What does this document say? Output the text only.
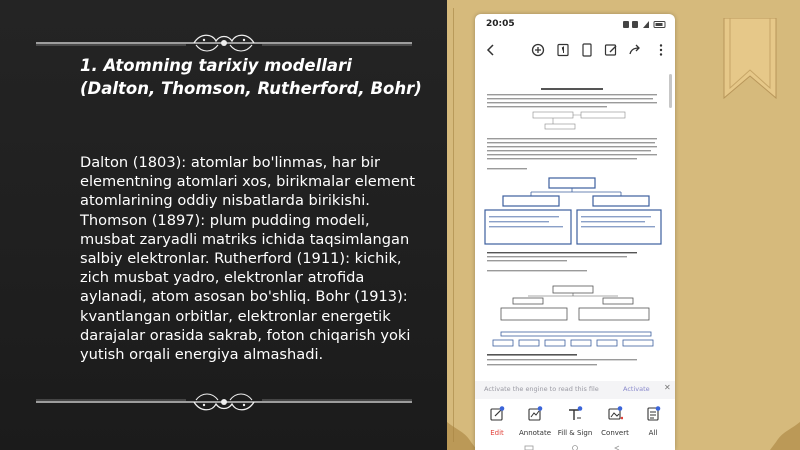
1. Atomning tarixiy modellari (Dalton, Thomson, Rutherford, Bohr)
Dalton (1803): atomlar bo'linmas, har bir elementning atomlari xos, birikmalar element atomlarining oddiy nisbatlarda birikishi. Thomson (1897): plum pudding modeli, musbat zaryadli matriks ichida taqsimlangan salbiy elektronlar. Rutherford (1911): kichik, zich musbat yadro, elektronlar atrofida aylanadi, atom asosan bo'shliq. Bohr (1913): kvantlangan orbitlar, elektronlar energetik darajalar orasida sakrab, foton chiqarish yoki yutish orqali energiya almashadi.
20:05
Activate the engine to read this file	Activate ✕
Edit	Annotate Fill & Sign	Convert	All
